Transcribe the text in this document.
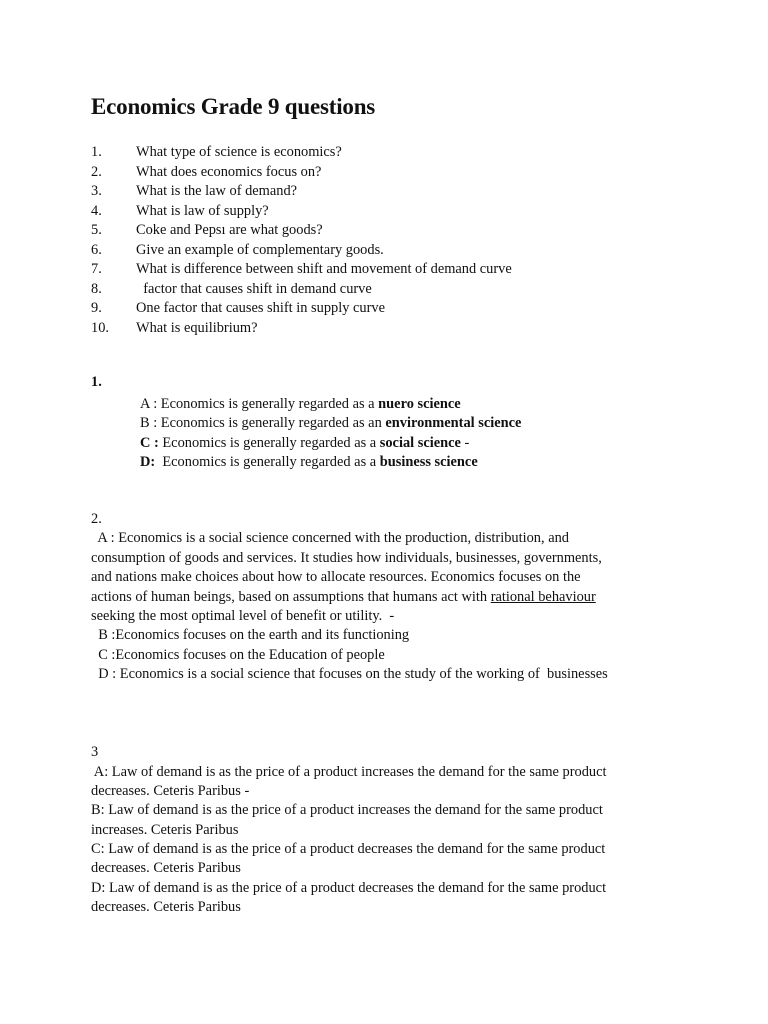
Economics Grade 9 questions
1.	What type of science is economics?
2.	What does economics focus on?
3.	What is the law of demand?
4.	What is law of supply?
5.	Coke and Pepsı are what goods?
6.	Give an example of complementary goods.
7.	What is difference between shift and movement of demand curve
8.	factor that causes shift in demand curve
9.	One factor that causes shift in supply curve
10.	What is equilibrium?
1.
A : Economics is generally regarded as a nuero science
B : Economics is generally regarded as an environmental science
C : Economics is generally regarded as a social science -
D:  Economics is generally regarded as a business science
2.
A : Economics is a social science concerned with the production, distribution, and
consumption of goods and services. It studies how individuals, businesses, governments,
and nations make choices about how to allocate resources. Economics focuses on the
actions of human beings, based on assumptions that humans act with rational behaviour
seeking the most optimal level of benefit or utility.  -
B :Economics focuses on the earth and its functioning
C :Economics focuses on the Education of people
D : Economics is a social science that focuses on the study of the working of  businesses
3
A: Law of demand is as the price of a product increases the demand for the same product
decreases. Ceteris Paribus -
B: Law of demand is as the price of a product increases the demand for the same product
increases. Ceteris Paribus
C: Law of demand is as the price of a product decreases the demand for the same product
decreases. Ceteris Paribus
D: Law of demand is as the price of a product decreases the demand for the same product
decreases. Ceteris Paribus
